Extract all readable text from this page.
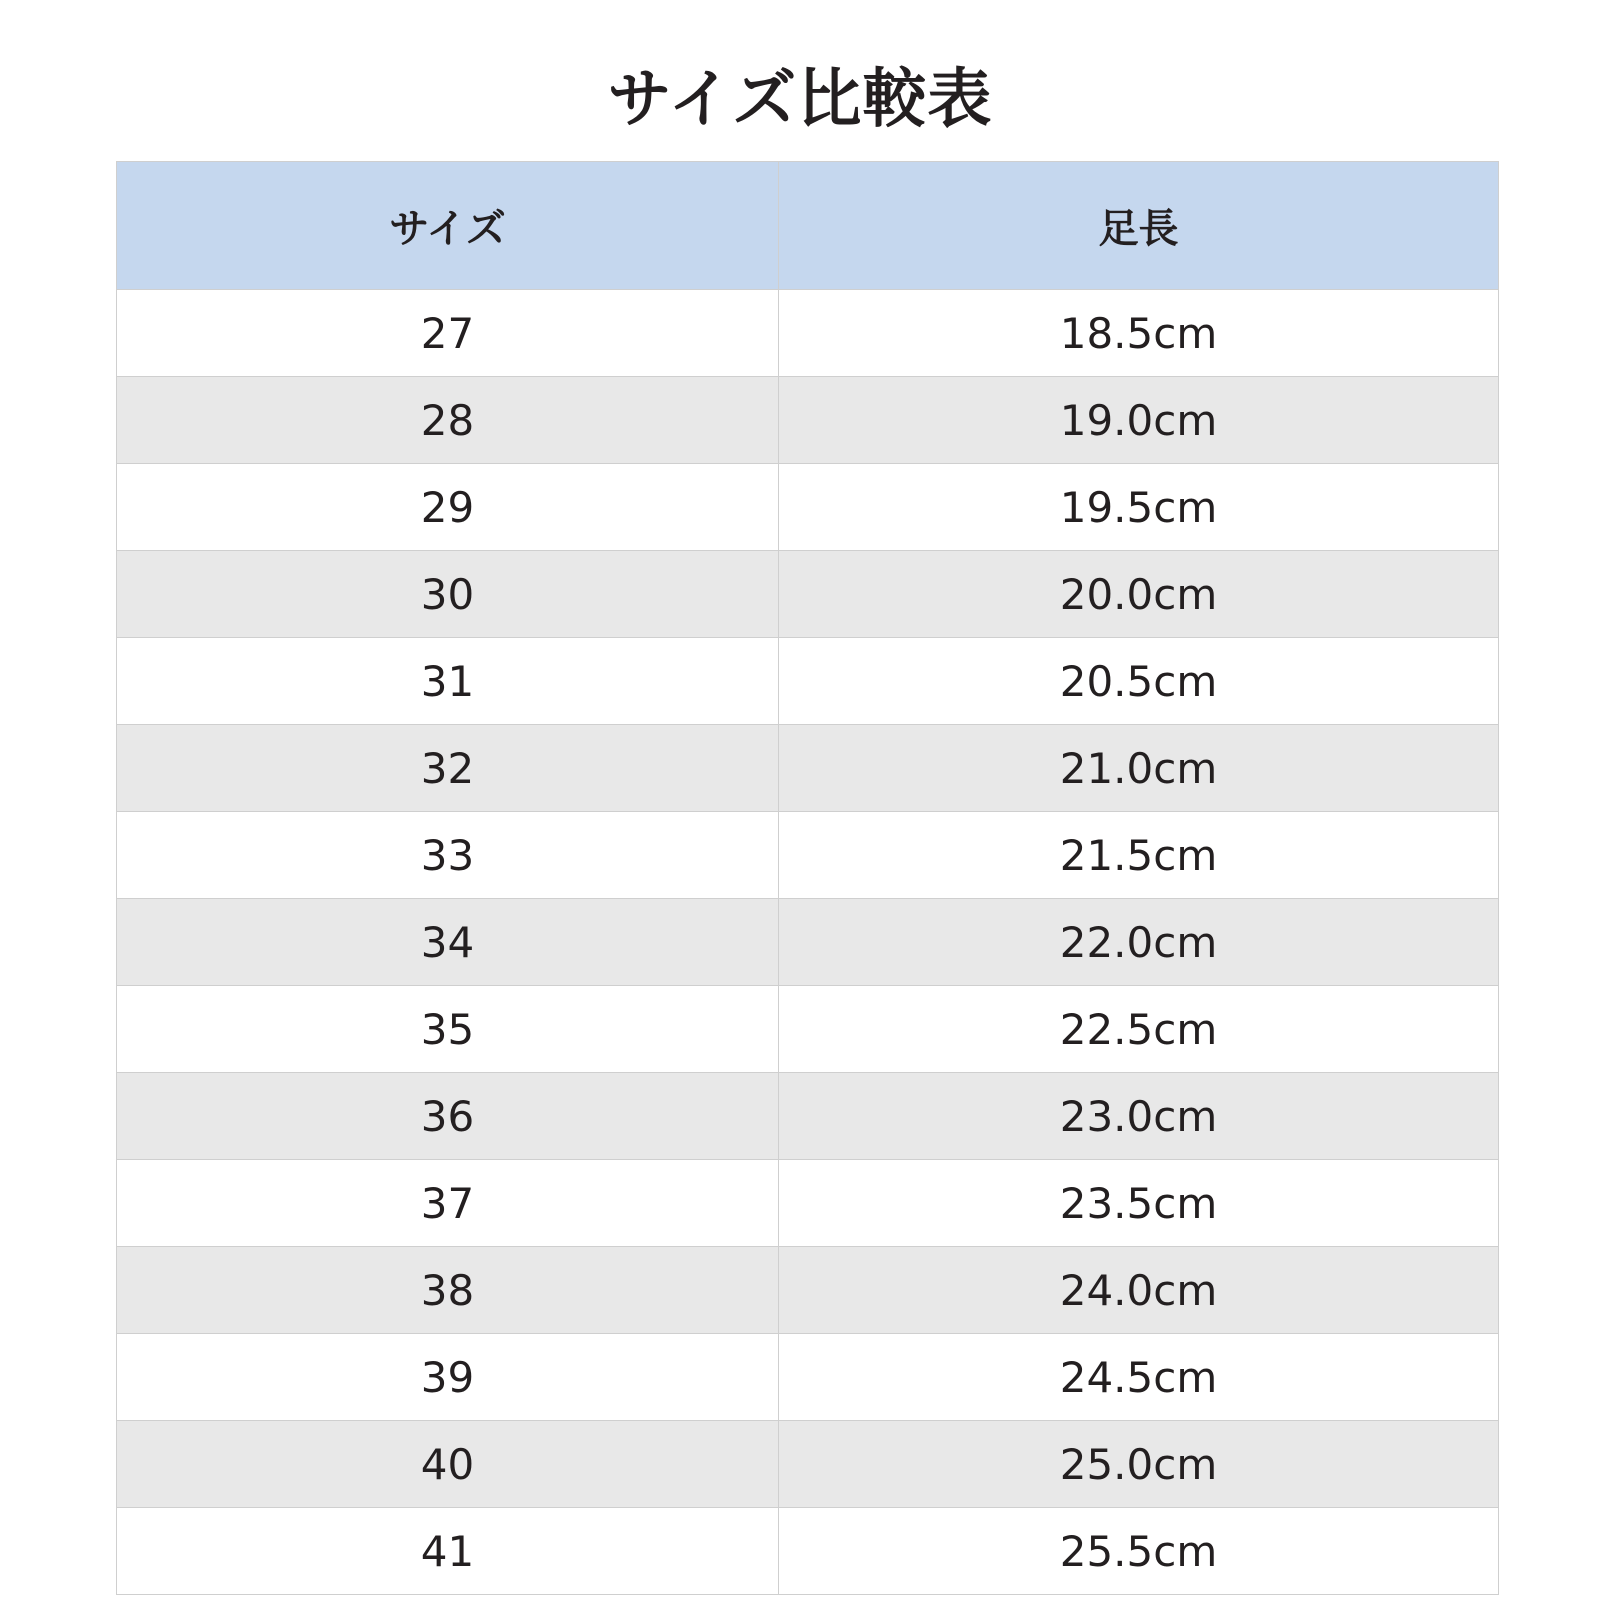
サイズ比較表
サイズ	足長
27	18.5cm
28	19.0cm
29	19.5cm
30	20.0cm
31	20.5cm
32	21.0cm
33	21.5cm
34	22.0cm
35	22.5cm
36	23.0cm
37	23.5cm
38	24.0cm
39	24.5cm
40	25.0cm
41	25.5cm
